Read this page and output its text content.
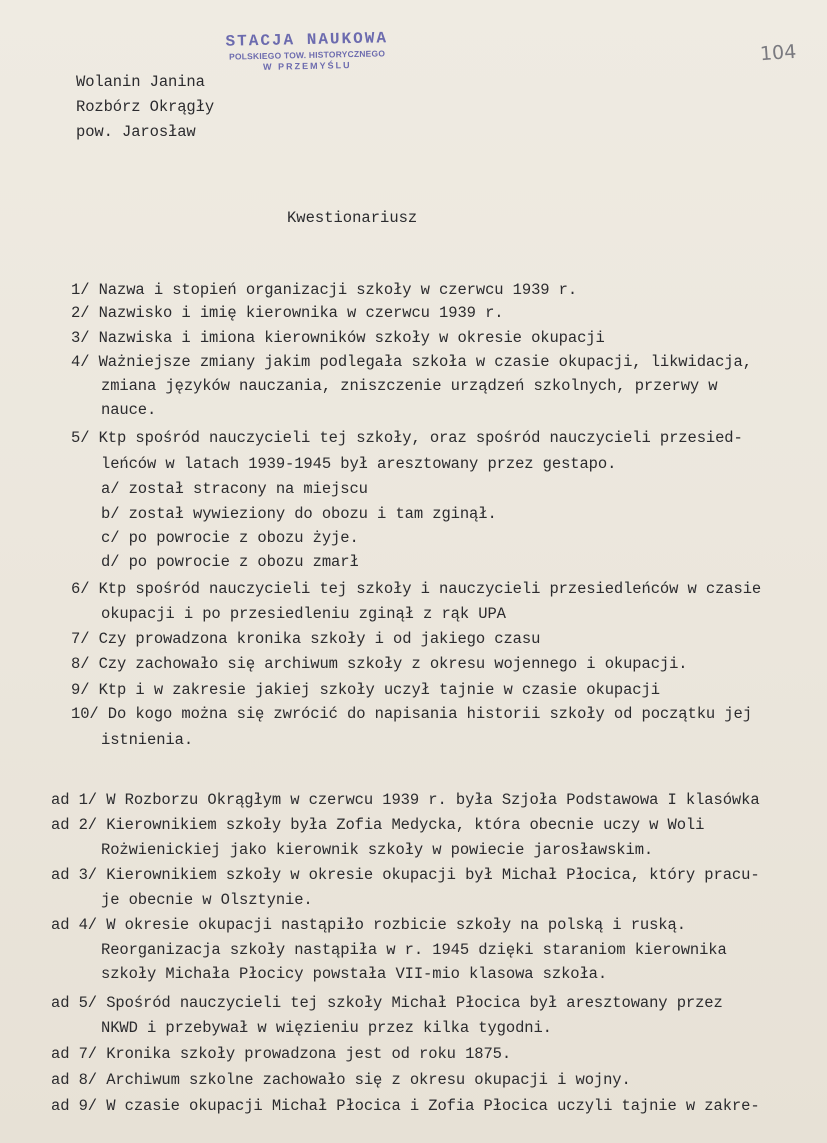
STACJA NAUKOWA
POLSKIEGO TOW. HISTORYCZNEGO
W PRZEMYŚLU
104
Wolanin Janina
Rozbórz Okrągły
pow. Jarosław
Kwestionariusz
1/ Nazwa i stopień organizacji szkoły w czerwcu 1939 r.
2/ Nazwisko i imię kierownika w czerwcu 1939 r.
3/ Nazwiska i imiona kierowników szkoły w okresie okupacji
4/ Ważniejsze zmiany jakim podlegała szkoła w czasie okupacji, likwidacja,
zmiana języków nauczania, zniszczenie urządzeń szkolnych, przerwy w
nauce.
5/ Ktp spośród nauczycieli tej szkoły, oraz spośród nauczycieli przesied-
leńców w latach 1939-1945 był aresztowany przez gestapo.
a/ został stracony na miejscu
b/ został wywieziony do obozu i tam zginął.
c/ po powrocie z obozu żyje.
d/ po powrocie z obozu zmarł
6/ Ktp spośród nauczycieli tej szkoły i nauczycieli przesiedleńców w czasie
okupacji i po przesiedleniu zginął z rąk UPA
7/ Czy prowadzona kronika szkoły i od jakiego czasu
8/ Czy zachowało się archiwum szkoły z okresu wojennego i okupacji.
9/ Ktp i w zakresie jakiej szkoły uczył tajnie w czasie okupacji
10/ Do kogo można się zwrócić do napisania historii szkoły od początku jej
istnienia.
ad 1/ W Rozborzu Okrągłym w czerwcu 1939 r. była Szjoła Podstawowa I klasówka
ad 2/ Kierownikiem szkoły była Zofia Medycka, która obecnie uczy w Woli
Rożwienickiej jako kierownik szkoły w powiecie jarosławskim.
ad 3/ Kierownikiem szkoły w okresie okupacji był Michał Płocica, który pracu-
je obecnie w Olsztynie.
ad 4/ W okresie okupacji nastąpiło rozbicie szkoły na polską i ruską.
Reorganizacja szkoły nastąpiła w r. 1945 dzięki staraniom kierownika
szkoły Michała Płocicy powstała VII-mio klasowa szkoła.
ad 5/ Spośród nauczycieli tej szkoły Michał Płocica był aresztowany przez
NKWD i przebywał w więzieniu przez kilka tygodni.
ad 7/ Kronika szkoły prowadzona jest od roku 1875.
ad 8/ Archiwum szkolne zachowało się z okresu okupacji i wojny.
ad 9/ W czasie okupacji Michał Płocica i Zofia Płocica uczyli tajnie w zakre-
